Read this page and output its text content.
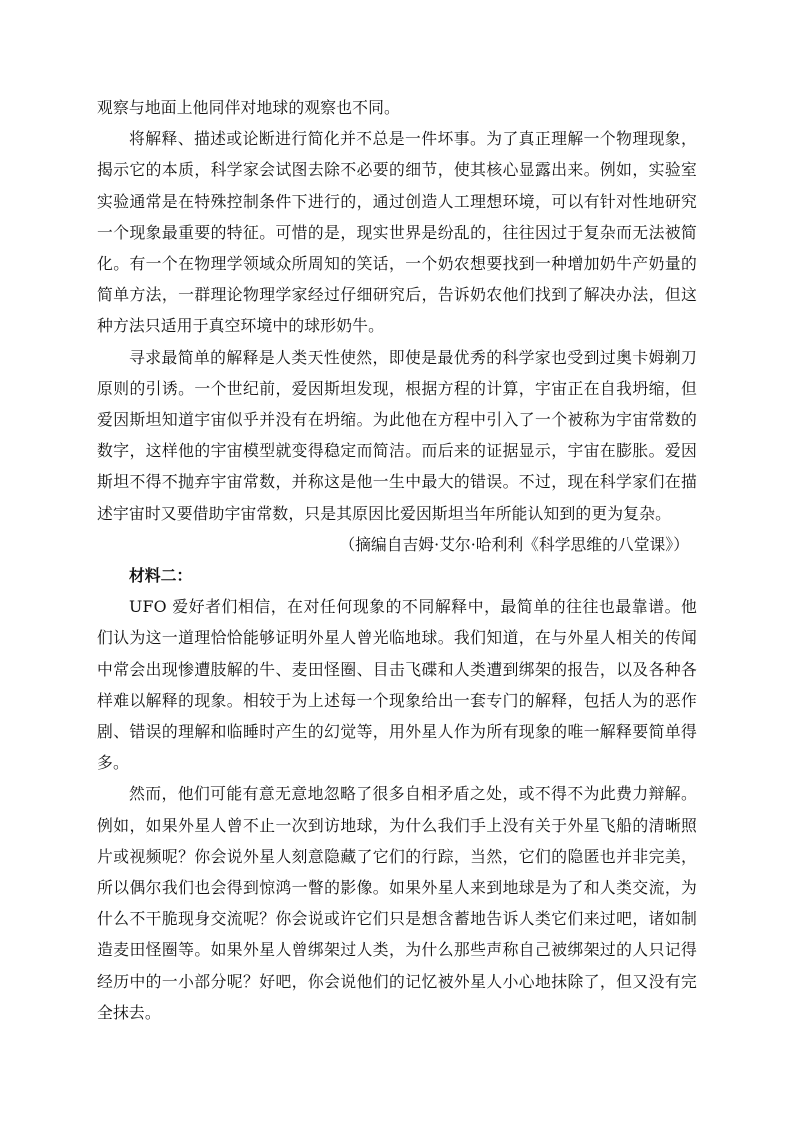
观察与地面上他同伴对地球的观察也不同。

将解释、描述或论断进行简化并不总是一件坏事。为了真正理解一个物理现象，揭示它的本质，科学家会试图去除不必要的细节，使其核心显露出来。例如，实验室实验通常是在特殊控制条件下进行的，通过创造人工理想环境，可以有针对性地研究一个现象最重要的特征。可惜的是，现实世界是纷乱的，往往因过于复杂而无法被简化。有一个在物理学领域众所周知的笑话，一个奶农想要找到一种增加奶牛产奶量的简单方法，一群理论物理学家经过仔细研究后，告诉奶农他们找到了解决办法，但这种方法只适用于真空环境中的球形奶牛。

寻求最简单的解释是人类天性使然，即使是最优秀的科学家也受到过奥卡姆剃刀原则的引诱。一个世纪前，爱因斯坦发现，根据方程的计算，宇宙正在自我坍缩，但爱因斯坦知道宇宙似乎并没有在坍缩。为此他在方程中引入了一个被称为宇宙常数的数字，这样他的宇宙模型就变得稳定而简洁。而后来的证据显示，宇宙在膨胀。爱因斯坦不得不抛弃宇宙常数，并称这是他一生中最大的错误。不过，现在科学家们在描述宇宙时又要借助宇宙常数，只是其原因比爱因斯坦当年所能认知到的更为复杂。

（摘编自吉姆·艾尔·哈利利《科学思维的八堂课》）

材料二：

UFO 爱好者们相信，在对任何现象的不同解释中，最简单的往往也最靠谱。他们认为这一道理恰恰能够证明外星人曾光临地球。我们知道，在与外星人相关的传闻中常会出现惨遭肢解的牛、麦田怪圈、目击飞碟和人类遭到绑架的报告，以及各种各样难以解释的现象。相较于为上述每一个现象给出一套专门的解释，包括人为的恶作剧、错误的理解和临睡时产生的幻觉等，用外星人作为所有现象的唯一解释要简单得多。

然而，他们可能有意无意地忽略了很多自相矛盾之处，或不得不为此费力辩解。例如，如果外星人曾不止一次到访地球，为什么我们手上没有关于外星飞船的清晰照片或视频呢？你会说外星人刻意隐藏了它们的行踪，当然，它们的隐匿也并非完美，所以偶尔我们也会得到惊鸿一瞥的影像。如果外星人来到地球是为了和人类交流，为什么不干脆现身交流呢？你会说或许它们只是想含蓄地告诉人类它们来过吧，诸如制造麦田怪圈等。如果外星人曾绑架过人类，为什么那些声称自己被绑架过的人只记得经历中的一小部分呢？好吧，你会说他们的记忆被外星人小心地抹除了，但又没有完全抹去。
